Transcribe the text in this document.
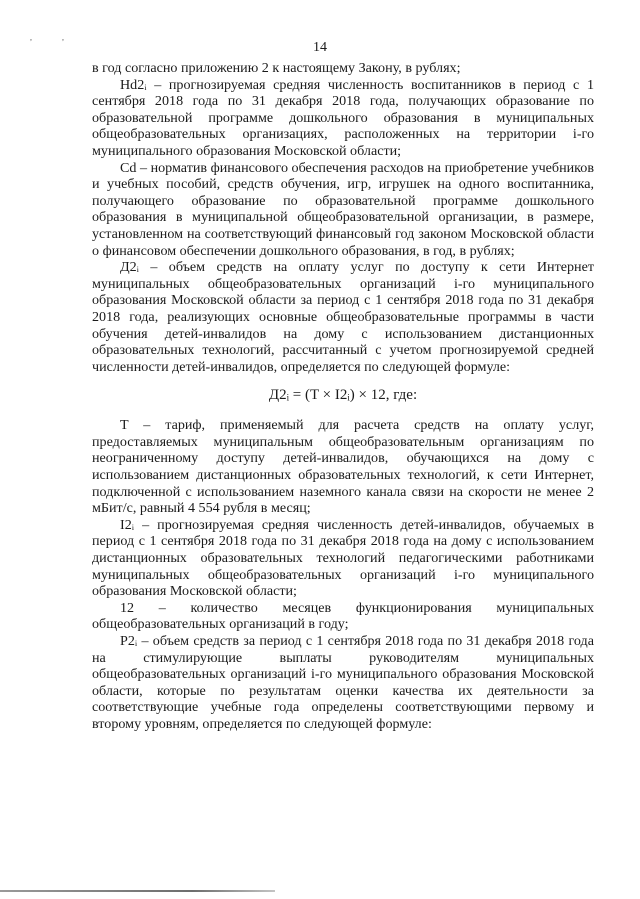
, ,
14

в год согласно приложению 2 к настоящему Закону, в рублях;

Hd2ᵢ – прогнозируемая средняя численность воспитанников в период с 1 сентября 2018 года по 31 декабря 2018 года, получающих образование по образовательной программе дошкольного образования в муниципальных общеобразовательных организациях, расположенных на территории i-го муниципального образования Московской области;

Cd – норматив финансового обеспечения расходов на приобретение учебников и учебных пособий, средств обучения, игр, игрушек на одного воспитанника, получающего образование по образовательной программе дошкольного образования в муниципальной общеобразовательной организации, в размере, установленном на соответствующий финансовый год законом Московской области о финансовом обеспечении дошкольного образования, в год, в рублях;

Д2ᵢ – объем средств на оплату услуг по доступу к сети Интернет муниципальных общеобразовательных организаций i-го муниципального образования Московской области за период с 1 сентября 2018 года по 31 декабря 2018 года, реализующих основные общеобразовательные программы в части обучения детей-инвалидов на дому с использованием дистанционных образовательных технологий, рассчитанный с учетом прогнозируемой средней численности детей-инвалидов, определяется по следующей формуле:

Д2ᵢ = (T × I2ᵢ) × 12, где:

T – тариф, применяемый для расчета средств на оплату услуг, предоставляемых муниципальным общеобразовательным организациям по неограниченному доступу детей-инвалидов, обучающихся на дому с использованием дистанционных образовательных технологий, к сети Интернет, подключенной с использованием наземного канала связи на скорости не менее 2 мБит/с, равный 4 554 рубля в месяц;

I2ᵢ – прогнозируемая средняя численность детей-инвалидов, обучаемых в период с 1 сентября 2018 года по 31 декабря 2018 года на дому с использованием дистанционных образовательных технологий педагогическими работниками муниципальных общеобразовательных организаций i-го муниципального образования Московской области;

12 – количество месяцев функционирования муниципальных общеобразовательных организаций в году;

P2ᵢ – объем средств за период с 1 сентября 2018 года по 31 декабря 2018 года на стимулирующие выплаты руководителям муниципальных общеобразовательных организаций i-го муниципального образования Московской области, которые по результатам оценки качества их деятельности за соответствующие учебные года определены соответствующими первому и второму уровням, определяется по следующей формуле:
